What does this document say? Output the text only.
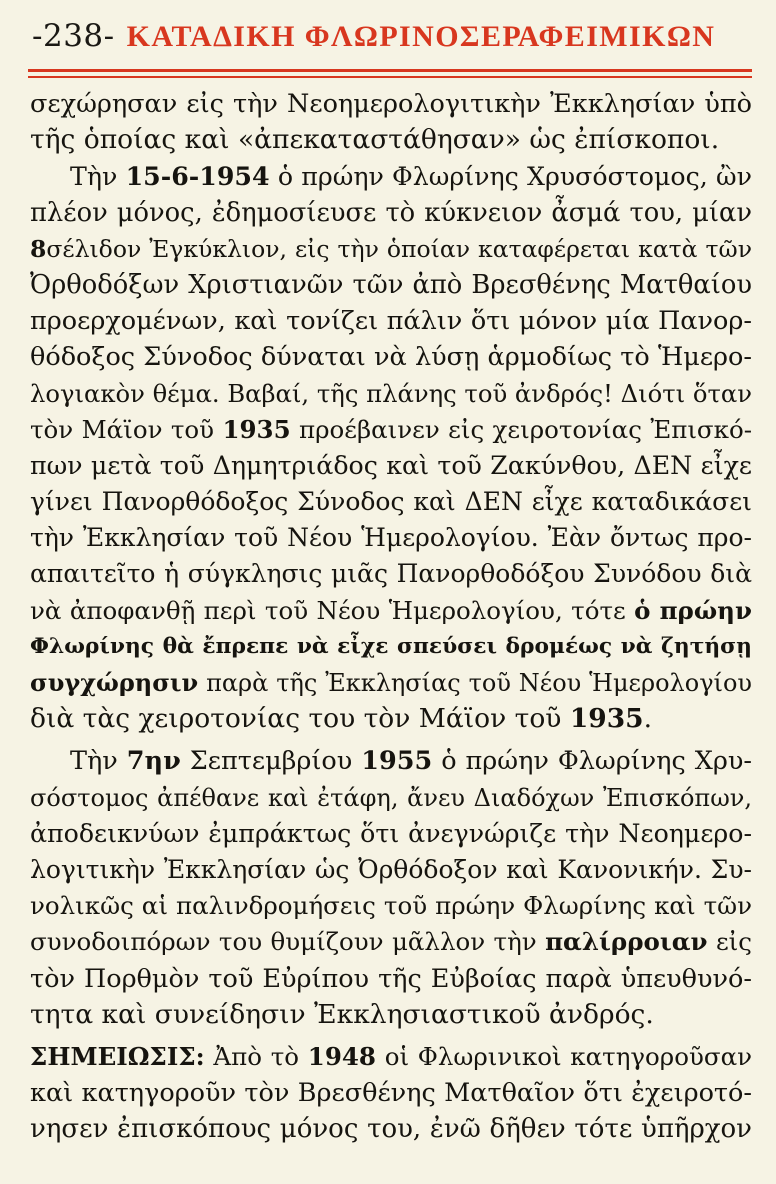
-238- ΚΑΤΑΔΙΚΗ ΦΛΩΡΙΝΟΣΕΡΑΦΕΙΜΙΚΩΝ
σεχώρησαν εἰς τὴν Νεοημερολογιτικὴν Ἐκκλησίαν ὑπὸ
τῆς ὁποίας καὶ «ἀπεκαταστάθησαν» ὡς ἐπίσκοποι.
Τὴν 15-6-1954 ὁ πρώην Φλωρίνης Χρυσόστομος, ὢν
πλέον μόνος, ἐδημοσίευσε τὸ κύκνειον ἆσμά του, μίαν
8σέλιδον Ἐγκύκλιον, εἰς τὴν ὁποίαν καταφέρεται κατὰ τῶν
Ὀρθοδόξων Χριστιανῶν τῶν ἀπὸ Βρεσθένης Ματθαίου
προερχομένων, καὶ τονίζει πάλιν ὅτι μόνον μία Πανορ-
θόδοξος Σύνοδος δύναται νὰ λύσῃ ἁρμοδίως τὸ Ἡμερο-
λογιακὸν θέμα. Βαβαί, τῆς πλάνης τοῦ ἀνδρός! Διότι ὅταν
τὸν Μάϊον τοῦ 1935 προέβαινεν εἰς χειροτονίας Ἐπισκό-
πων μετὰ τοῦ Δημητριάδος καὶ τοῦ Ζακύνθου, ΔΕΝ εἶχε
γίνει Πανορθόδοξος Σύνοδος καὶ ΔΕΝ εἶχε καταδικάσει
τὴν Ἐκκλησίαν τοῦ Νέου Ἡμερολογίου. Ἐὰν ὄντως προ-
απαιτεῖτο ἡ σύγκλησις μιᾶς Πανορθοδόξου Συνόδου διὰ
νὰ ἀποφανθῇ περὶ τοῦ Νέου Ἡμερολογίου, τότε ὁ πρώην
Φλωρίνης θὰ ἔπρεπε νὰ εἶχε σπεύσει δρομέως νὰ ζητήσῃ
συγχώρησιν παρὰ τῆς Ἐκκλησίας τοῦ Νέου Ἡμερολογίου
διὰ τὰς χειροτονίας του τὸν Μάϊον τοῦ 1935.
Τὴν 7ην Σεπτεμβρίου 1955 ὁ πρώην Φλωρίνης Χρυ-
σόστομος ἀπέθανε καὶ ἐτάφη, ἄνευ Διαδόχων Ἐπισκόπων,
ἀποδεικνύων ἐμπράκτως ὅτι ἀνεγνώριζε τὴν Νεοημερο-
λογιτικὴν Ἐκκλησίαν ὡς Ὀρθόδοξον καὶ Κανονικήν. Συ-
νολικῶς αἱ παλινδρομήσεις τοῦ πρώην Φλωρίνης καὶ τῶν
συνοδοιπόρων του θυμίζουν μᾶλλον τὴν παλίρροιαν εἰς
τὸν Πορθμὸν τοῦ Εὐρίπου τῆς Εὐβοίας παρὰ ὑπευθυνό-
τητα καὶ συνείδησιν Ἐκκλησιαστικοῦ ἀνδρός.
ΣΗΜΕΙΩΣΙΣ: Ἀπὸ τὸ 1948 οἱ Φλωρινικοὶ κατηγοροῦσαν
καὶ κατηγοροῦν τὸν Βρεσθένης Ματθαῖον ὅτι ἐχειροτό-
νησεν ἐπισκόπους μόνος του, ἐνῶ δῆθεν τότε ὑπῆρχον
